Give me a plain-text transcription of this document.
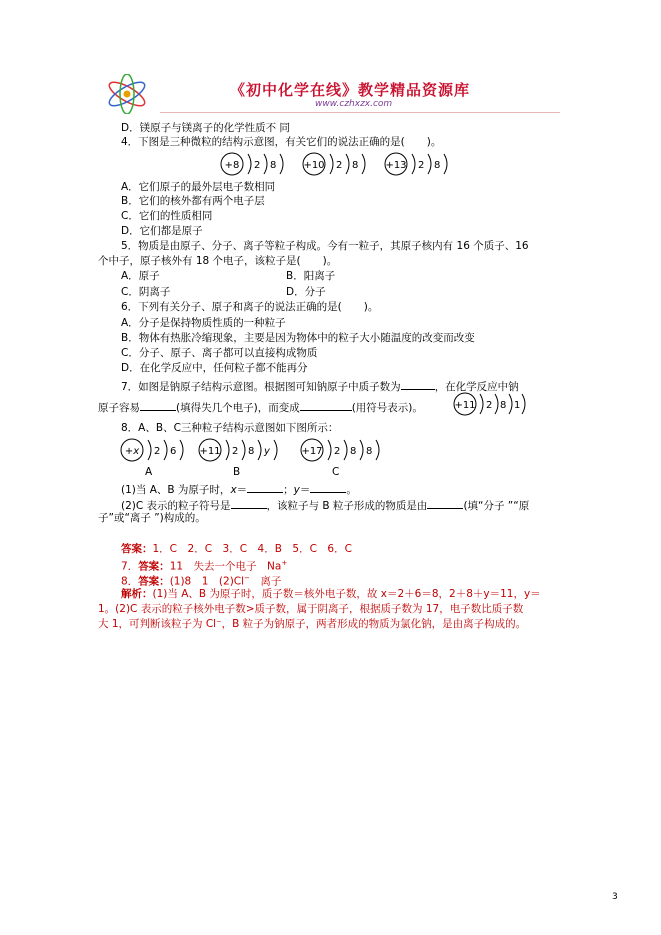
《初中化学在线》教学精品资源库
www.czhxzx.com
D．镁原子与镁离子的化学性质不 同
4．下图是三种微粒的结构示意图，有关它们的说法正确的是( )。
+8 2 8	+10 2 8	+13 2 8
A．它们原子的最外层电子数相同
B．它们的核外都有两个电子层
C．它们的性质相同
D．它们都是原子
5．物质是由原子、分子、离子等粒子构成。今有一粒子，其原子核内有 16 个质子、16
个中子，原子核外有 18 个电子，该粒子是( )。
A．原子	B．阳离子
C．阴离子	D．分子
6．下列有关分子、原子和离子的说法正确的是( )。
A．分子是保持物质性质的一种粒子
B．物体有热胀冷缩现象，主要是因为物体中的粒子大小随温度的改变而改变
C．分子、原子、离子都可以直接构成物质
D．在化学反应中，任何粒子都不能再分
7．如图是钠原子结构示意图。根据图可知钠原子中质子数为	，在化学反应中钠
原子容易	(填得失几个电子)，而变成	(用符号表示)。	+11 2 8 1
8．A、B、C三种粒子结构示意图如下图所示：
+x 2 6 +11 2 8 y	+17 2 8 8
A	B	C
(1)当 A、B 为原子时，x＝	；y＝	。
(2)C 表示的粒子符号是	，该粒子与 B 粒子形成的物质是由	(填“分子 ”“原
子”或“离子 ”)构成的。
答案：1．C　2．C　3．C　4．B　5．C　6．C
7．答案：11　失去一个电子　Na+
8．答案：(1)8　1　(2)Cl−　离子
解析：(1)当 A、B 为原子时，质子数＝核外电子数，故 x＝2＋6＝8，2＋8＋y＝11，y＝
1。(2)C 表示的粒子核外电子数>质子数，属于阴离子，根据质子数为 17，电子数比质子数
大 1，可判断该粒子为 Cl⁻，B 粒子为钠原子，两者形成的物质为氯化钠，是由离子构成的。
3
